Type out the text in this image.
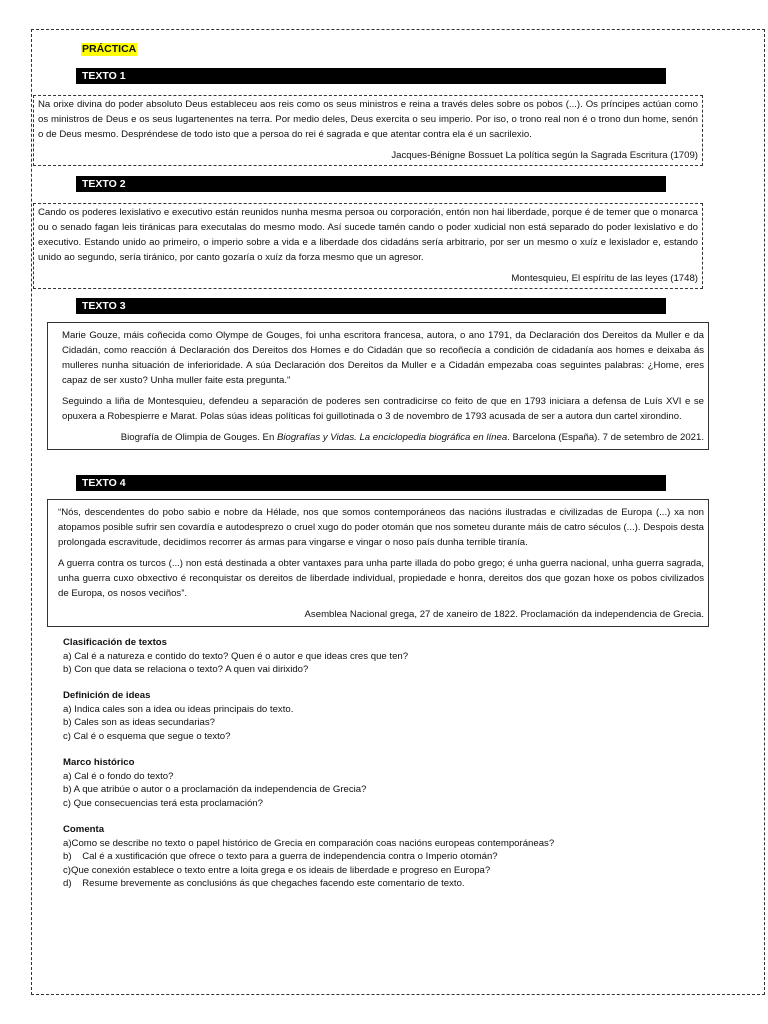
PRÁCTICA
TEXTO 1

Na orixe divina do poder absoluto Deus estableceu aos reis como os seus ministros e reina a través deles sobre os pobos (...). Os príncipes actúan como os ministros de Deus e os seus lugartenentes na terra. Por medio deles, Deus exercita o seu imperio. Por iso, o trono real non é o trono dun home, senón o de Deus mesmo. Despréndese de todo isto que a persoa do rei é sagrada e que atentar contra ela é un sacrilexio.

Jacques-Bénigne Bossuet La política según la Sagrada Escritura (1709)

TEXTO 2

Cando os poderes lexislativo e executivo están reunidos nunha mesma persoa ou corporación, entón non hai liberdade, porque é de temer que o monarca ou o senado fagan leis tiránicas para executalas do mesmo modo. Así sucede tamén cando o poder xudicial non está separado do poder lexislativo e do executivo. Estando unido ao primeiro, o imperio sobre a vida e a liberdade dos cidadáns sería arbitrario, por ser un mesmo o xuíz e lexislador e, estando unido ao segundo, sería tiránico, por canto gozaría o xuíz da forza mesmo que un agresor.

Montesquieu, El espíritu de las leyes (1748)

TEXTO 3

Marie Gouze, máis coñecida como Olympe de Gouges, foi unha escritora francesa, autora, o ano 1791, da Declaración dos Dereitos da Muller e da Cidadán, como reacción á Declaración dos Dereitos dos Homes e do Cidadán que so recoñecía a condición de cidadanía aos homes e deixaba ás mulleres nunha situación de inferioridade. A súa Declaración dos Dereitos da Muller e a Cidadán empezaba coas seguintes palabras: ¿Home, eres capaz de ser xusto? Unha muller faite esta pregunta."

Seguindo a liña de Montesquieu, defendeu a separación de poderes sen contradicirse co feito de que en 1793 iniciara a defensa de Luís XVI e se opuxera a Robespierre e Marat. Polas súas ideas políticas foi guillotinada o 3 de novembro de 1793 acusada de ser a autora dun cartel xirondino.

Biografía de Olimpia de Gouges. En Biografías y Vidas. La enciclopedia biográfica en línea. Barcelona (España). 7 de setembro de 2021.

TEXTO 4

“Nós, descendentes do pobo sabio e nobre da Hélade, nos que somos contemporáneos das nacións ilustradas e civilizadas de Europa (...) xa non atopamos posible sufrir sen covardía e autodesprezo o cruel xugo do poder otomán que nos someteu durante máis de catro séculos (...). Despois desta prolongada escravitude, decidimos recorrer ás armas para vingarse e vingar o noso país dunha terrible tiranía.

A guerra contra os turcos (...) non está destinada a obter vantaxes para unha parte illada do pobo grego; é unha guerra nacional, unha guerra sagrada, unha guerra cuxo obxectivo é reconquistar os dereitos de liberdade individual, propiedade e honra, dereitos dos que gozan hoxe os pobos civilizados de Europa, os nosos veciños”.

Asemblea Nacional grega, 27 de xaneiro de 1822. Proclamación da independencia de Grecia.

Clasificación de textos
a) Cal é a natureza e contido do texto? Quen é o autor e que ideas cres que ten?
b) Con que data se relaciona o texto? A quen vai dirixido?
Definición de ideas
a) Indica cales son a idea ou ideas principais do texto.
b) Cales son as ideas secundarias?
c) Cal é o esquema que segue o texto?
Marco histórico
a) Cal é o fondo do texto?
b) A que atribúe o autor o a proclamación da independencia de Grecia?
c) Que consecuencias terá esta proclamación?
Comenta
a)Como se describe no texto o papel histórico de Grecia en comparación coas nacións europeas contemporáneas?
b)    Cal é a xustificación que ofrece o texto para a guerra de independencia contra o Imperio otomán?
c)Que conexión establece o texto entre a loita grega e os ideais de liberdade e progreso en Europa?
d)    Resume brevemente as conclusións ás que chegaches facendo este comentario de texto.
